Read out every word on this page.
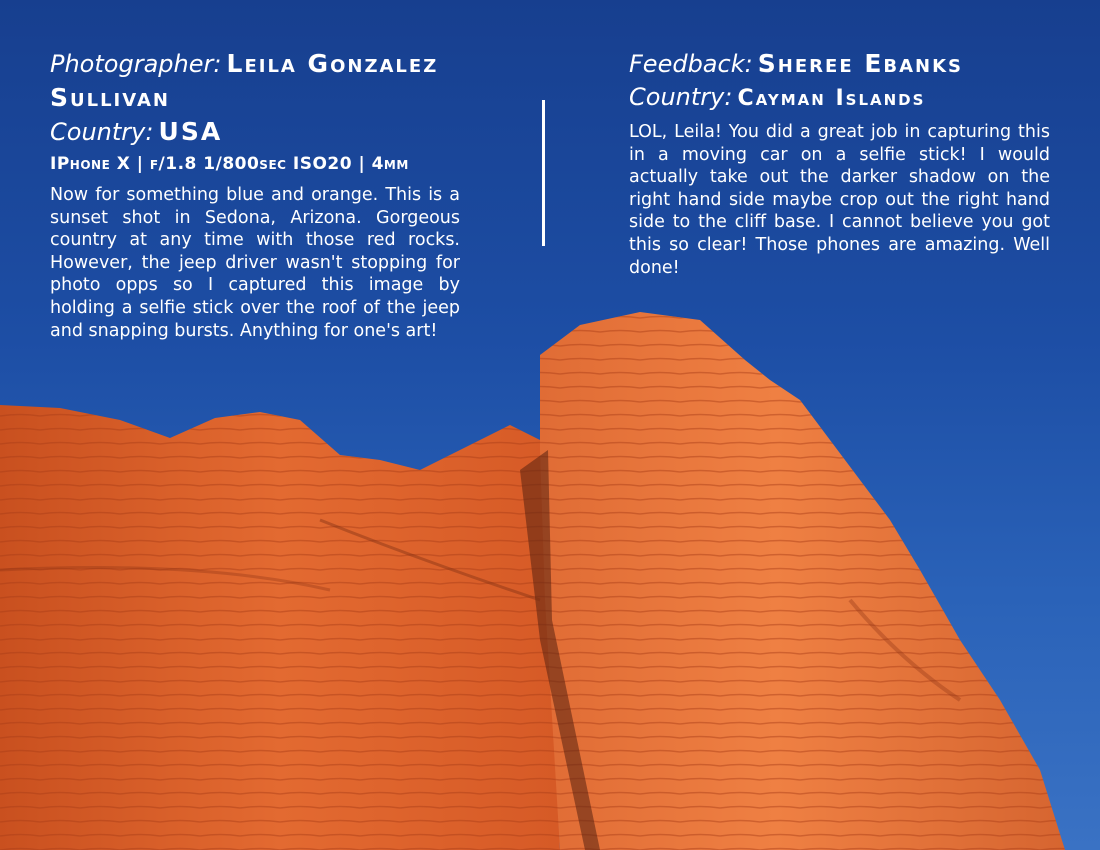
Photographer: Leila Gonzalez Sullivan

Country: USA

IPhone X | f/1.8 1/800sec ISO20 | 4mm
Now for something blue and orange. This is a sunset shot in Sedona, Arizona. Gorgeous country at any time with those red rocks. However, the jeep driver wasn't stopping for photo opps so I captured this image by holding a selfie stick over the roof of the jeep and snapping bursts. Anything for one's art!

Feedback: Sheree Ebanks

Country: Cayman Islands

LOL, Leila! You did a great job in capturing this in a moving car on a selfie stick! I would actually take out the darker shadow on the right hand side maybe crop out the right hand side to the cliff base. I cannot believe you got this so clear! Those phones are amazing. Well done!
